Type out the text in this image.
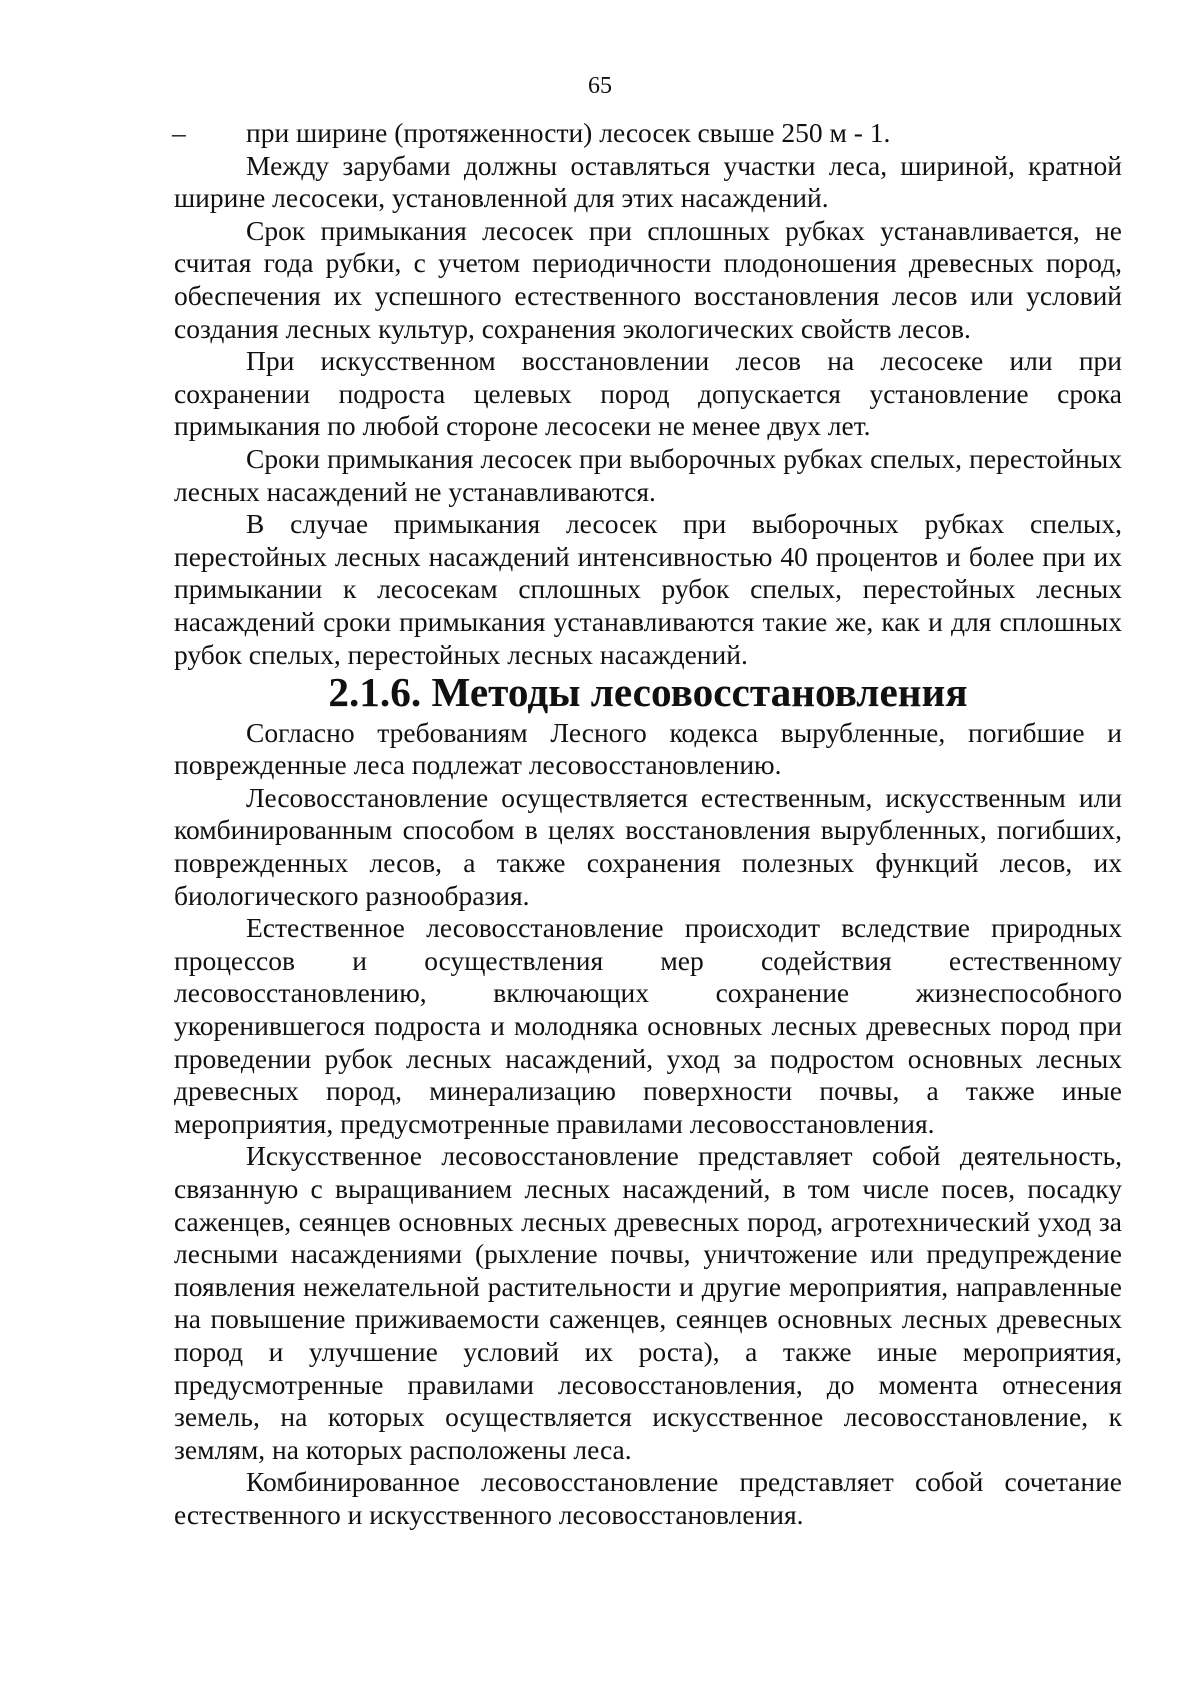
65

– при ширине (протяженности) лесосек свыше 250 м - 1.

Между зарубами должны оставляться участки леса, шириной, кратной ширине лесосеки, установленной для этих насаждений.

Срок примыкания лесосек при сплошных рубках устанавливается, не считая года рубки, с учетом периодичности плодоношения древесных пород, обеспечения их успешного естественного восстановления лесов или условий создания лесных культур, сохранения экологических свойств лесов.

При искусственном восстановлении лесов на лесосеке или при сохранении подроста целевых пород допускается установление срока примыкания по любой стороне лесосеки не менее двух лет.

Сроки примыкания лесосек при выборочных рубках спелых, перестойных лесных насаждений не устанавливаются.

В случае примыкания лесосек при выборочных рубках спелых, перестойных лесных насаждений интенсивностью 40 процентов и более при их примыкании к лесосекам сплошных рубок спелых, перестойных лесных насаждений сроки примыкания устанавливаются такие же, как и для сплошных рубок спелых, перестойных лесных насаждений.

2.1.6. Методы лесовосстановления

Согласно требованиям Лесного кодекса вырубленные, погибшие и поврежденные леса подлежат лесовосстановлению.

Лесовосстановление осуществляется естественным, искусственным или комбинированным способом в целях восстановления вырубленных, погибших, поврежденных лесов, а также сохранения полезных функций лесов, их биологического разнообразия.

Естественное лесовосстановление происходит вследствие природных процессов и осуществления мер содействия естественному лесовосстановлению, включающих сохранение жизнеспособного укоренившегося подроста и молодняка основных лесных древесных пород при проведении рубок лесных насаждений, уход за подростом основных лесных древесных пород, минерализацию поверхности почвы, а также иные мероприятия, предусмотренные правилами лесовосстановления.

Искусственное лесовосстановление представляет собой деятельность, связанную с выращиванием лесных насаждений, в том числе посев, посадку саженцев, сеянцев основных лесных древесных пород, агротехнический уход за лесными насаждениями (рыхление почвы, уничтожение или предупреждение появления нежелательной растительности и другие мероприятия, направленные на повышение приживаемости саженцев, сеянцев основных лесных древесных пород и улучшение условий их роста), а также иные мероприятия, предусмотренные правилами лесовосстановления, до момента отнесения земель, на которых осуществляется искусственное лесовосстановление, к землям, на которых расположены леса.

Комбинированное лесовосстановление представляет собой сочетание естественного и искусственного лесовосстановления.
